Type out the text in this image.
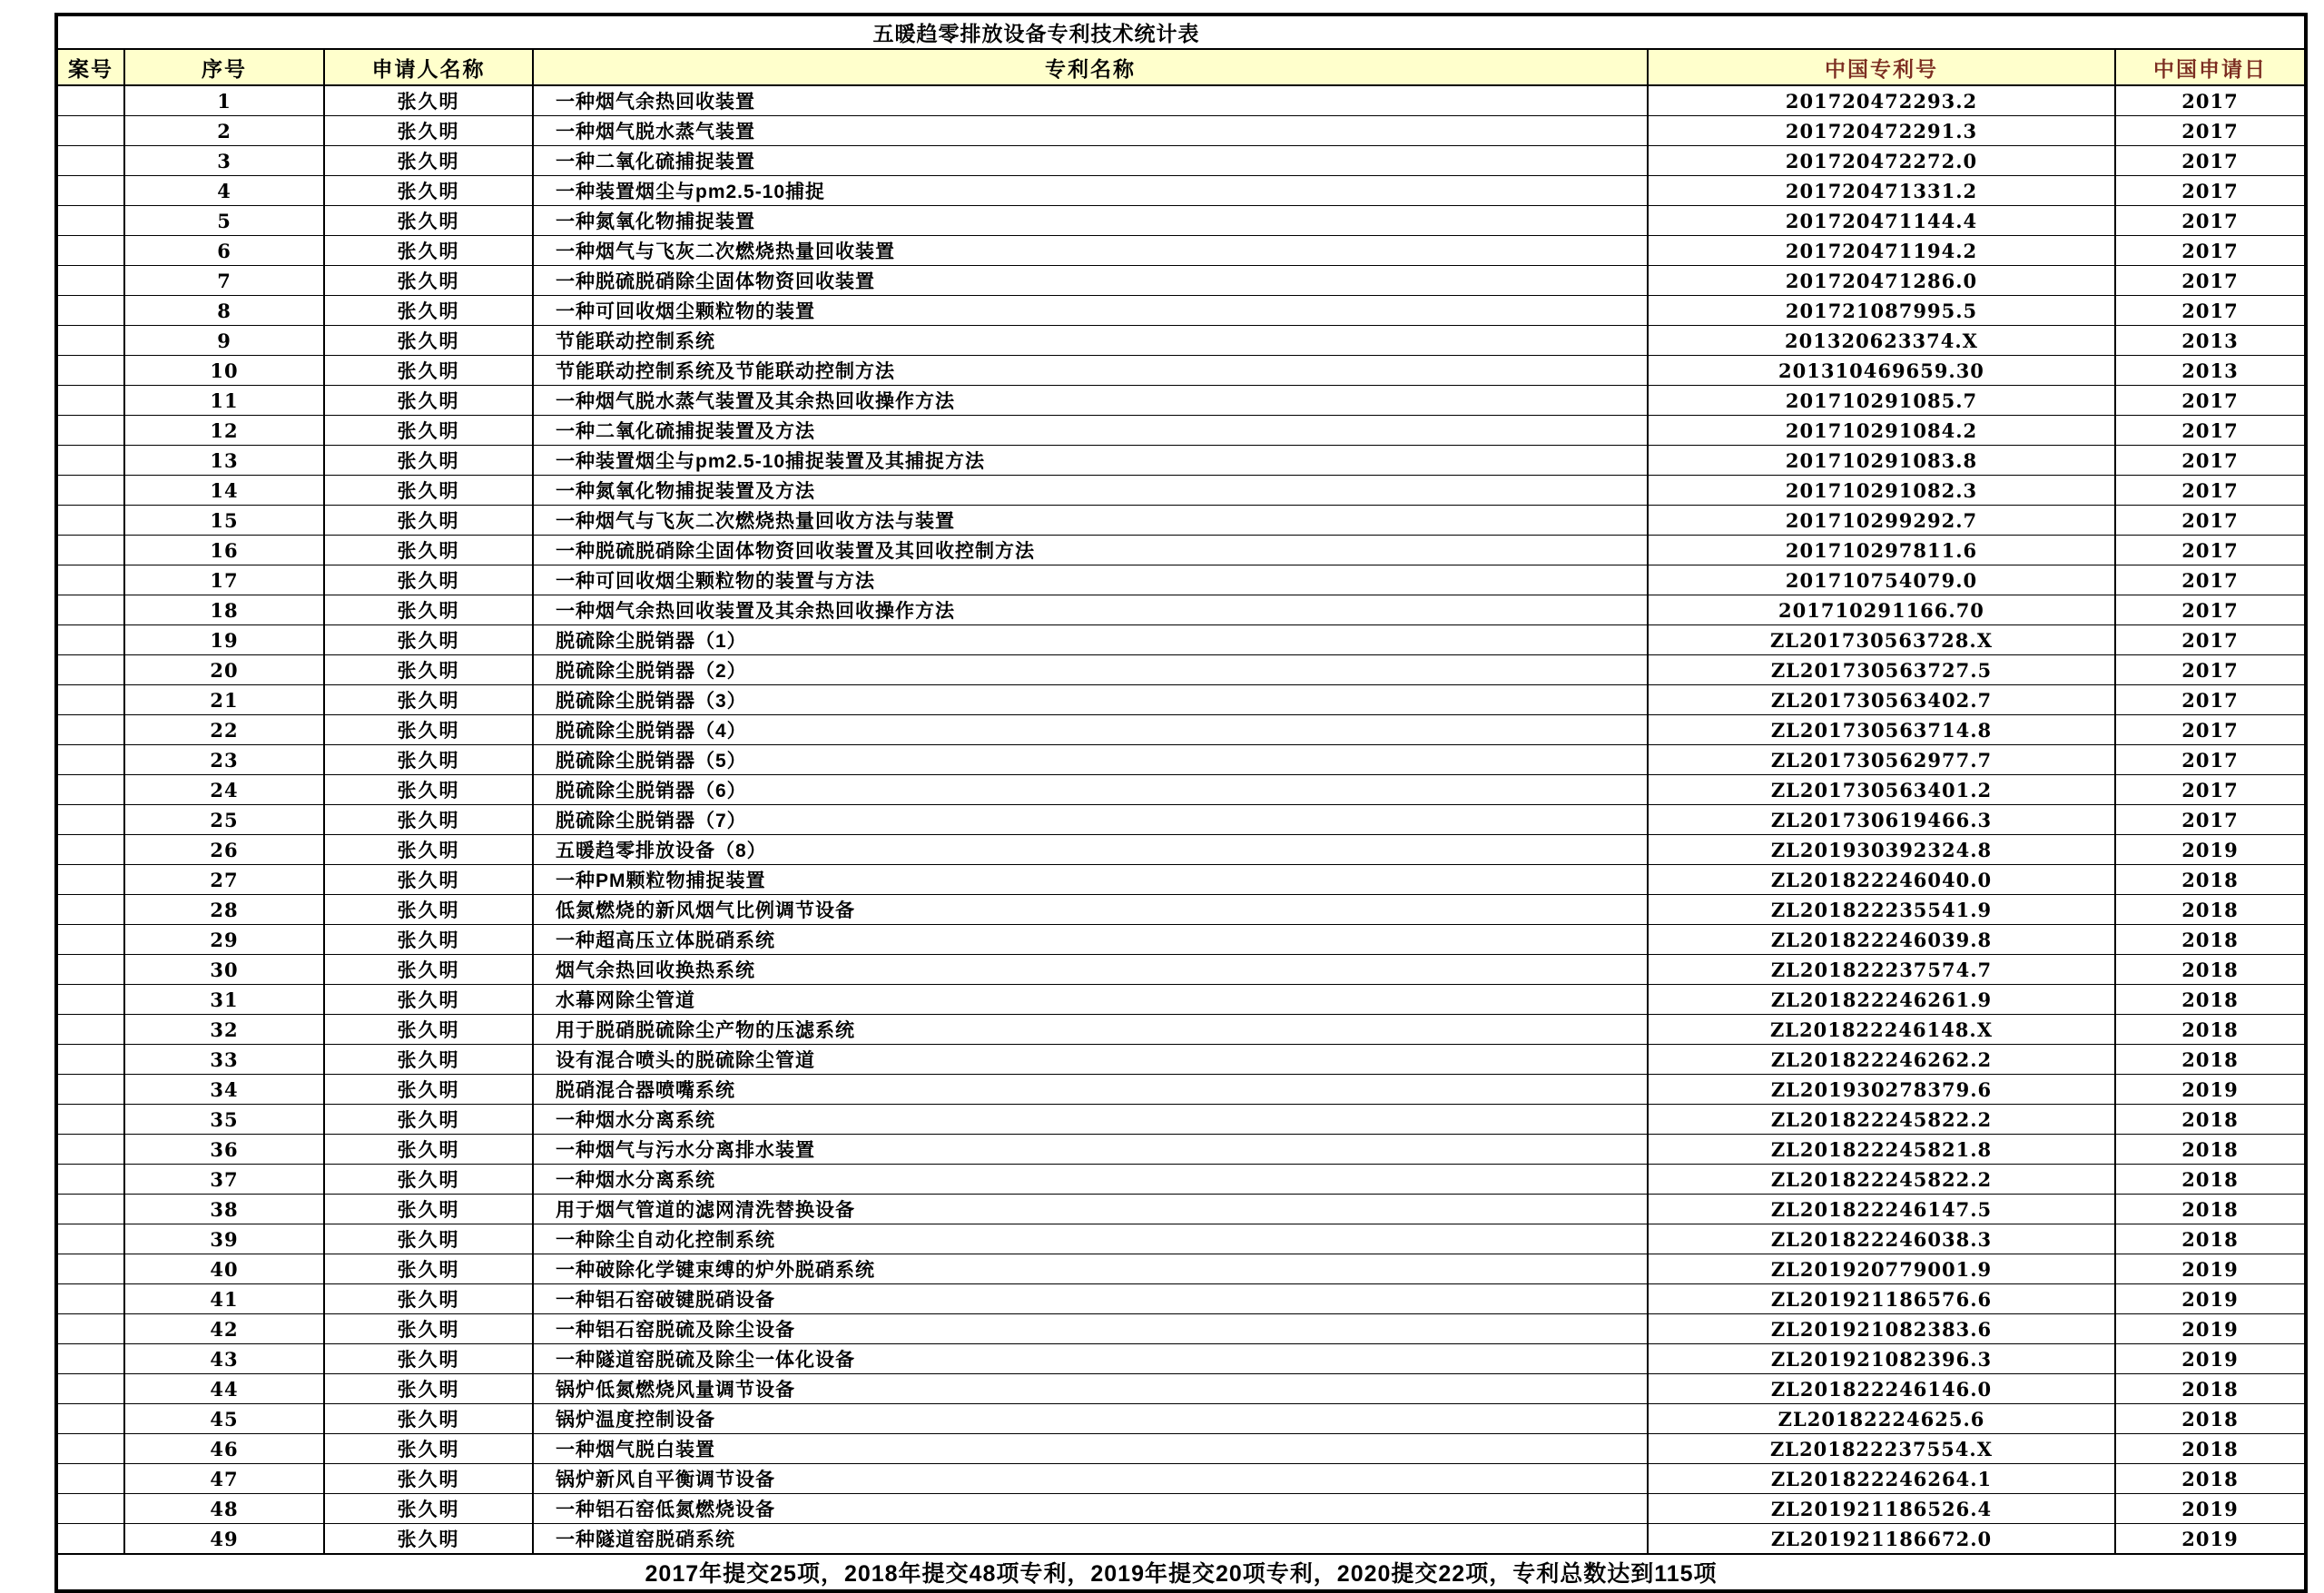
五暖趋零排放设备专利技术统计表					
案号	序号	申请人名称	专利名称	中国专利号	中国申请日
	1	张久明	一种烟气余热回收装置	201720472293.2	2017
	2	张久明	一种烟气脱水蒸气装置	201720472291.3	2017
	3	张久明	一种二氧化硫捕捉装置	201720472272.0	2017
	4	张久明	一种装置烟尘与pm2.5-10捕捉	201720471331.2	2017
	5	张久明	一种氮氧化物捕捉装置	201720471144.4	2017
	6	张久明	一种烟气与飞灰二次燃烧热量回收装置	201720471194.2	2017
	7	张久明	一种脱硫脱硝除尘固体物资回收装置	201720471286.0	2017
	8	张久明	一种可回收烟尘颗粒物的装置	201721087995.5	2017
	9	张久明	节能联动控制系统	201320623374.X	2013
	10	张久明	节能联动控制系统及节能联动控制方法	201310469659.30	2013
	11	张久明	一种烟气脱水蒸气装置及其余热回收操作方法	201710291085.7	2017
	12	张久明	一种二氧化硫捕捉装置及方法	201710291084.2	2017
	13	张久明	一种装置烟尘与pm2.5-10捕捉装置及其捕捉方法	201710291083.8	2017
	14	张久明	一种氮氧化物捕捉装置及方法	201710291082.3	2017
	15	张久明	一种烟气与飞灰二次燃烧热量回收方法与装置	201710299292.7	2017
	16	张久明	一种脱硫脱硝除尘固体物资回收装置及其回收控制方法	201710297811.6	2017
	17	张久明	一种可回收烟尘颗粒物的装置与方法	201710754079.0	2017
	18	张久明	一种烟气余热回收装置及其余热回收操作方法	201710291166.70	2017
	19	张久明	脱硫除尘脱销器（1）	ZL201730563728.X	2017
	20	张久明	脱硫除尘脱销器（2）	ZL201730563727.5	2017
	21	张久明	脱硫除尘脱销器（3）	ZL201730563402.7	2017
	22	张久明	脱硫除尘脱销器（4）	ZL201730563714.8	2017
	23	张久明	脱硫除尘脱销器（5）	ZL201730562977.7	2017
	24	张久明	脱硫除尘脱销器（6）	ZL201730563401.2	2017
	25	张久明	脱硫除尘脱销器（7）	ZL201730619466.3	2017
	26	张久明	五暖趋零排放设备（8）	ZL201930392324.8	2019
	27	张久明	一种PM颗粒物捕捉装置	ZL201822246040.0	2018
	28	张久明	低氮燃烧的新风烟气比例调节设备	ZL201822235541.9	2018
	29	张久明	一种超高压立体脱硝系统	ZL201822246039.8	2018
	30	张久明	烟气余热回收换热系统	ZL201822237574.7	2018
	31	张久明	水幕网除尘管道	ZL201822246261.9	2018
	32	张久明	用于脱硝脱硫除尘产物的压滤系统	ZL201822246148.X	2018
	33	张久明	设有混合喷头的脱硫除尘管道	ZL201822246262.2	2018
	34	张久明	脱硝混合器喷嘴系统	ZL201930278379.6	2019
	35	张久明	一种烟水分离系统	ZL201822245822.2	2018
	36	张久明	一种烟气与污水分离排水装置	ZL201822245821.8	2018
	37	张久明	一种烟水分离系统	ZL201822245822.2	2018
	38	张久明	用于烟气管道的滤网清洗替换设备	ZL201822246147.5	2018
	39	张久明	一种除尘自动化控制系统	ZL201822246038.3	2018
	40	张久明	一种破除化学键束缚的炉外脱硝系统	ZL201920779001.9	2019
	41	张久明	一种铝石窑破键脱硝设备	ZL201921186576.6	2019
	42	张久明	一种铝石窑脱硫及除尘设备	ZL201921082383.6	2019
	43	张久明	一种隧道窑脱硫及除尘一体化设备	ZL201921082396.3	2019
	44	张久明	锅炉低氮燃烧风量调节设备	ZL201822246146.0	2018
	45	张久明	锅炉温度控制设备	ZL20182224625.6	2018
	46	张久明	一种烟气脱白装置	ZL201822237554.X	2018
	47	张久明	锅炉新风自平衡调节设备	ZL201822246264.1	2018
	48	张久明	一种铝石窑低氮燃烧设备	ZL201921186526.4	2019
	49	张久明	一种隧道窑脱硝系统	ZL201921186672.0	2019
2017年提交25项，2018年提交48项专利，2019年提交20项专利，2020提交22项，专利总数达到115项					
